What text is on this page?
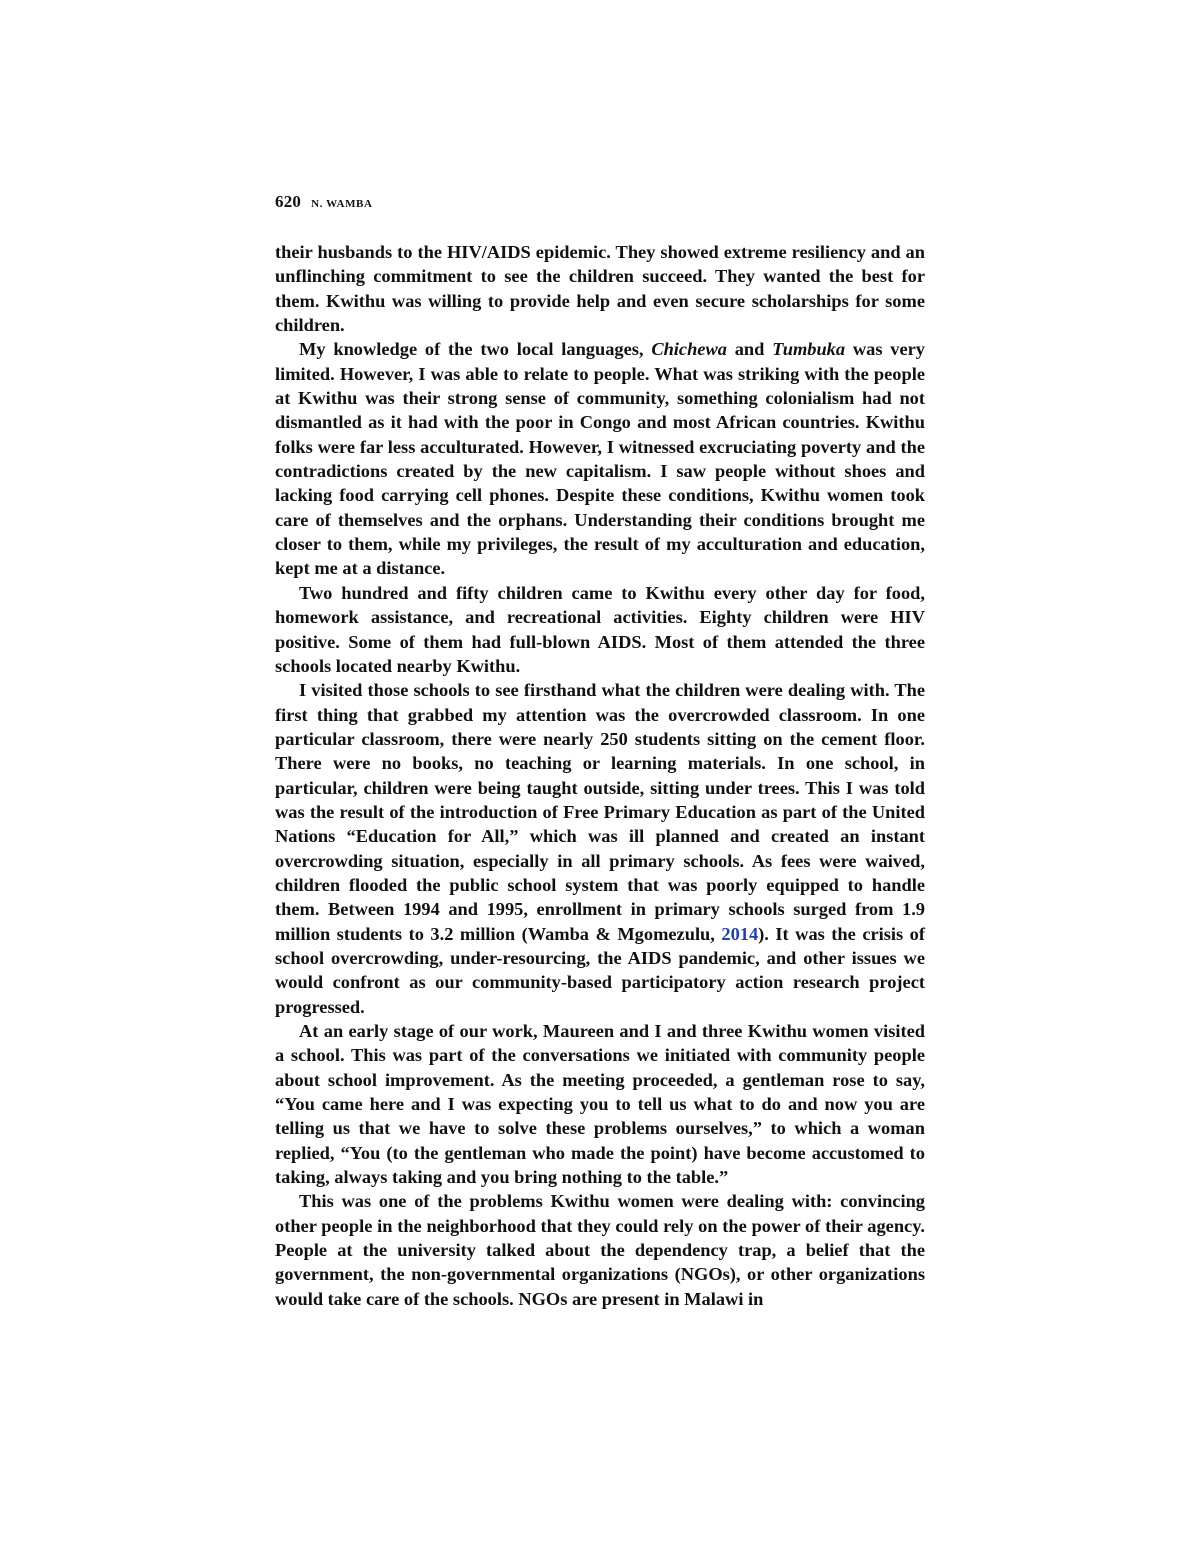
620 N. WAMBA

their husbands to the HIV/AIDS epidemic. They showed extreme resiliency and an unflinching commitment to see the children succeed. They wanted the best for them. Kwithu was willing to provide help and even secure scholarships for some children.

My knowledge of the two local languages, Chichewa and Tumbuka was very limited. However, I was able to relate to people. What was striking with the people at Kwithu was their strong sense of community, something colonialism had not dismantled as it had with the poor in Congo and most African countries. Kwithu folks were far less acculturated. However, I witnessed excruciating poverty and the contradictions created by the new capitalism. I saw people without shoes and lacking food carrying cell phones. Despite these conditions, Kwithu women took care of themselves and the orphans. Understanding their conditions brought me closer to them, while my privileges, the result of my acculturation and education, kept me at a distance.

Two hundred and fifty children came to Kwithu every other day for food, homework assistance, and recreational activities. Eighty children were HIV positive. Some of them had full-blown AIDS. Most of them attended the three schools located nearby Kwithu.

I visited those schools to see firsthand what the children were dealing with. The first thing that grabbed my attention was the overcrowded classroom. In one particular classroom, there were nearly 250 students sitting on the cement floor. There were no books, no teaching or learning materials. In one school, in particular, children were being taught outside, sitting under trees. This I was told was the result of the introduction of Free Primary Education as part of the United Nations “Education for All,” which was ill planned and created an instant overcrowding situation, especially in all primary schools. As fees were waived, children flooded the public school system that was poorly equipped to handle them. Between 1994 and 1995, enrollment in primary schools surged from 1.9 million students to 3.2 million (Wamba & Mgomezulu, 2014). It was the crisis of school overcrowding, under-resourcing, the AIDS pandemic, and other issues we would confront as our community-based participatory action research project progressed.

At an early stage of our work, Maureen and I and three Kwithu women visited a school. This was part of the conversations we initiated with community people about school improvement. As the meeting proceeded, a gentleman rose to say, “You came here and I was expecting you to tell us what to do and now you are telling us that we have to solve these problems ourselves,” to which a woman replied, “You (to the gentleman who made the point) have become accustomed to taking, always taking and you bring nothing to the table.”

This was one of the problems Kwithu women were dealing with: convincing other people in the neighborhood that they could rely on the power of their agency. People at the university talked about the dependency trap, a belief that the government, the non-governmental organizations (NGOs), or other organizations would take care of the schools. NGOs are present in Malawi in
